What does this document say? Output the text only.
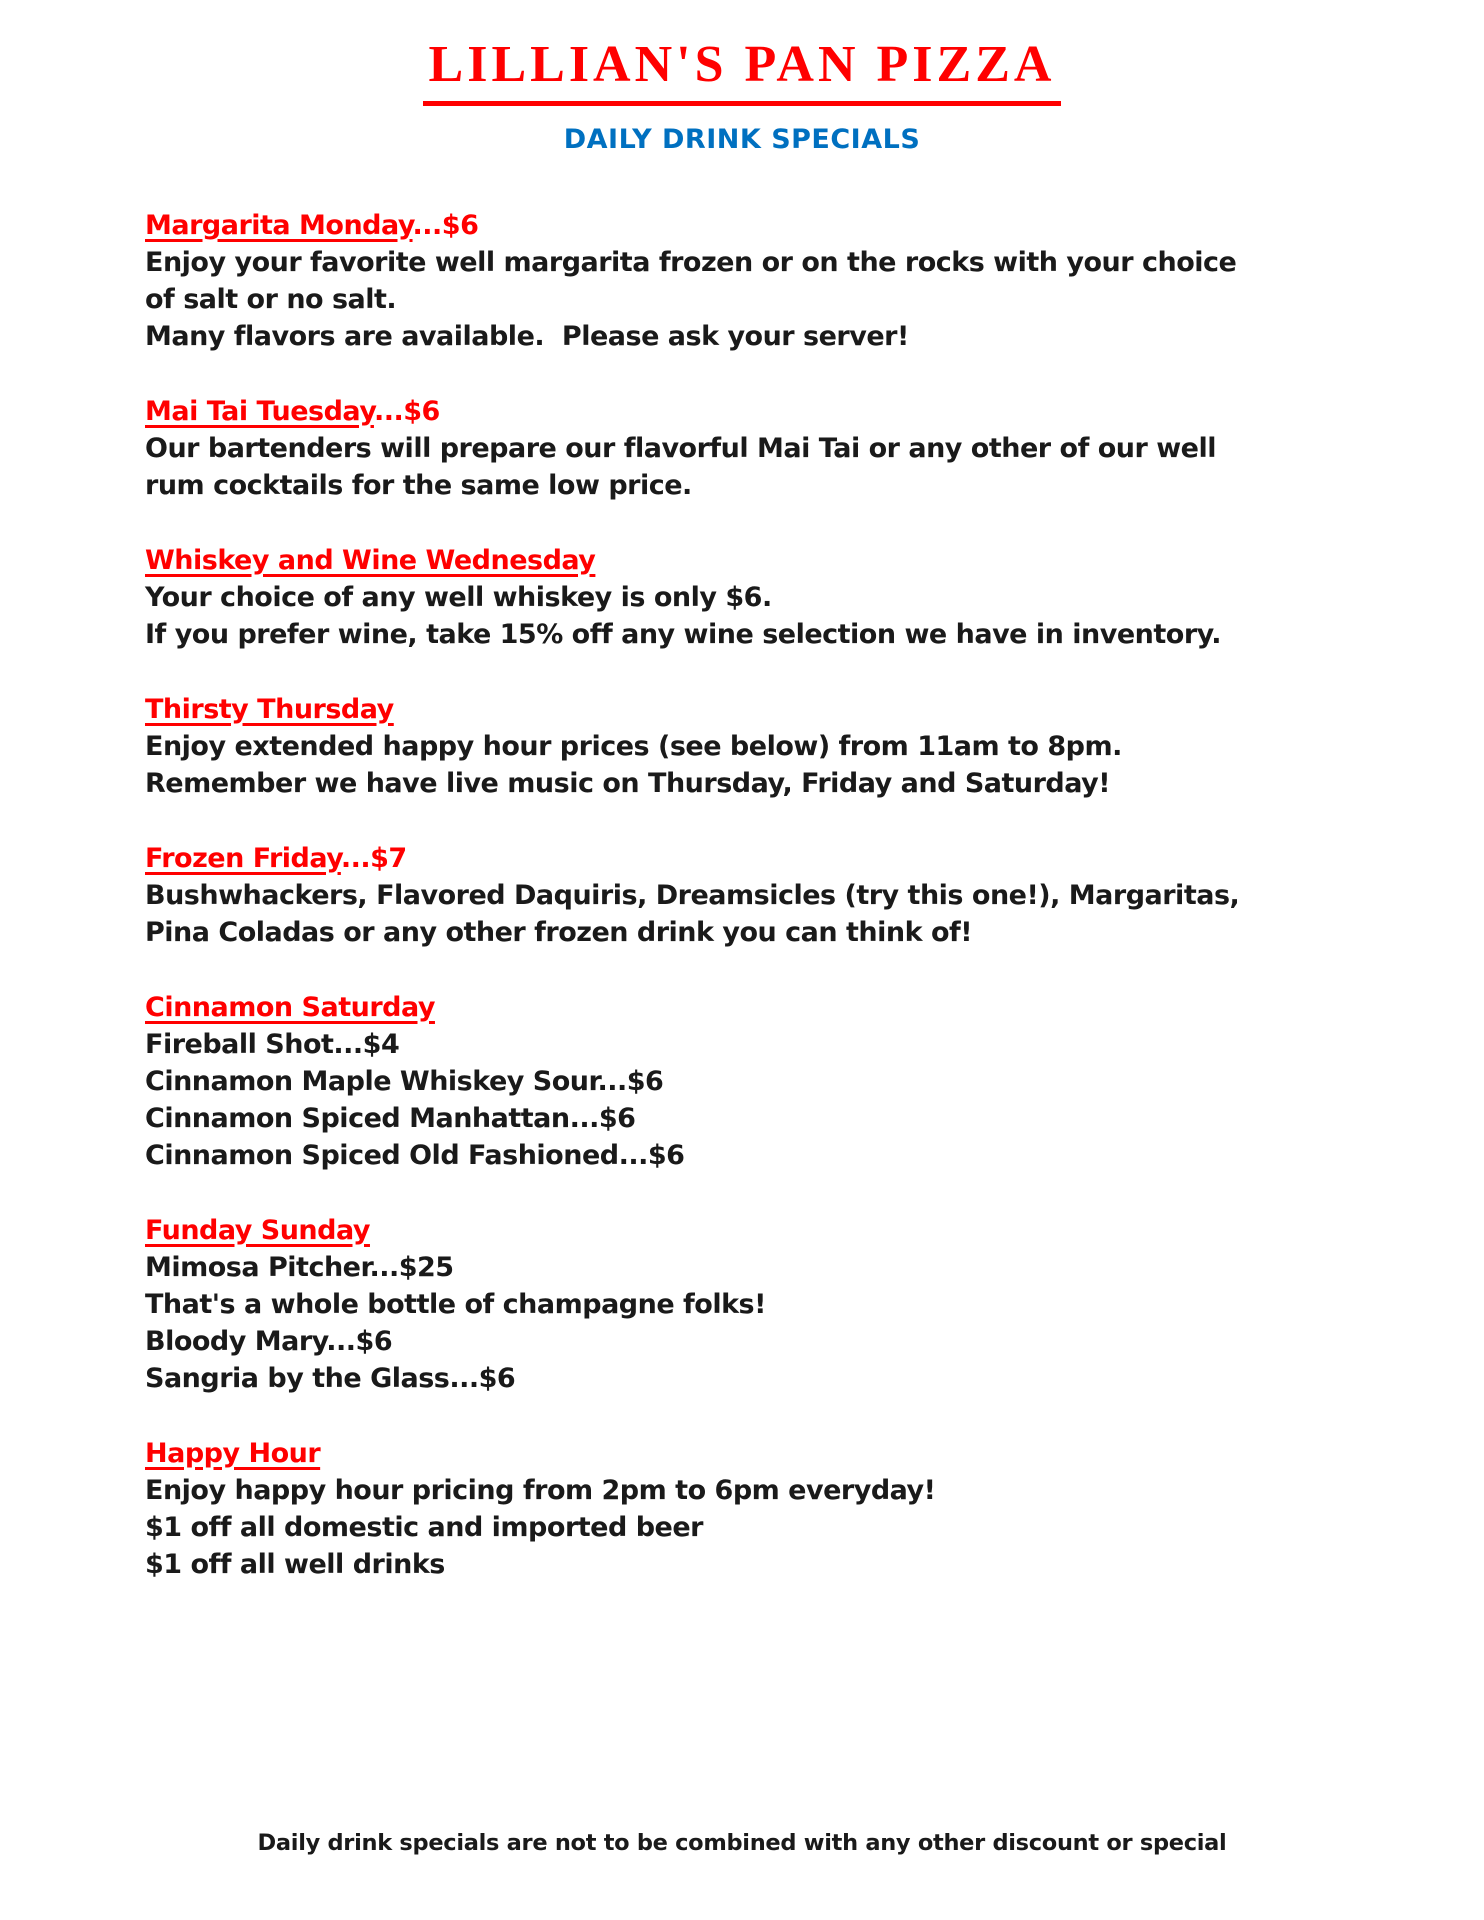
LILLIAN'S PAN PIZZA
DAILY DRINK SPECIALS
Margarita Monday...$6
Enjoy your favorite well margarita frozen or on the rocks with your choice
of salt or no salt.
Many flavors are available.  Please ask your server!
Mai Tai Tuesday...$6
Our bartenders will prepare our flavorful Mai Tai or any other of our well
rum cocktails for the same low price.
Whiskey and Wine Wednesday
Your choice of any well whiskey is only $6.
If you prefer wine, take 15% off any wine selection we have in inventory.
Thirsty Thursday
Enjoy extended happy hour prices (see below) from 11am to 8pm.
Remember we have live music on Thursday, Friday and Saturday!
Frozen Friday...$7
Bushwhackers, Flavored Daquiris, Dreamsicles (try this one!), Margaritas,
Pina Coladas or any other frozen drink you can think of!
Cinnamon Saturday
Fireball Shot...$4
Cinnamon Maple Whiskey Sour...$6
Cinnamon Spiced Manhattan...$6
Cinnamon Spiced Old Fashioned...$6
Funday Sunday
Mimosa Pitcher...$25
That's a whole bottle of champagne folks!
Bloody Mary...$6
Sangria by the Glass...$6
Happy Hour
Enjoy happy hour pricing from 2pm to 6pm everyday!
$1 off all domestic and imported beer
$1 off all well drinks
Daily drink specials are not to be combined with any other discount or special
